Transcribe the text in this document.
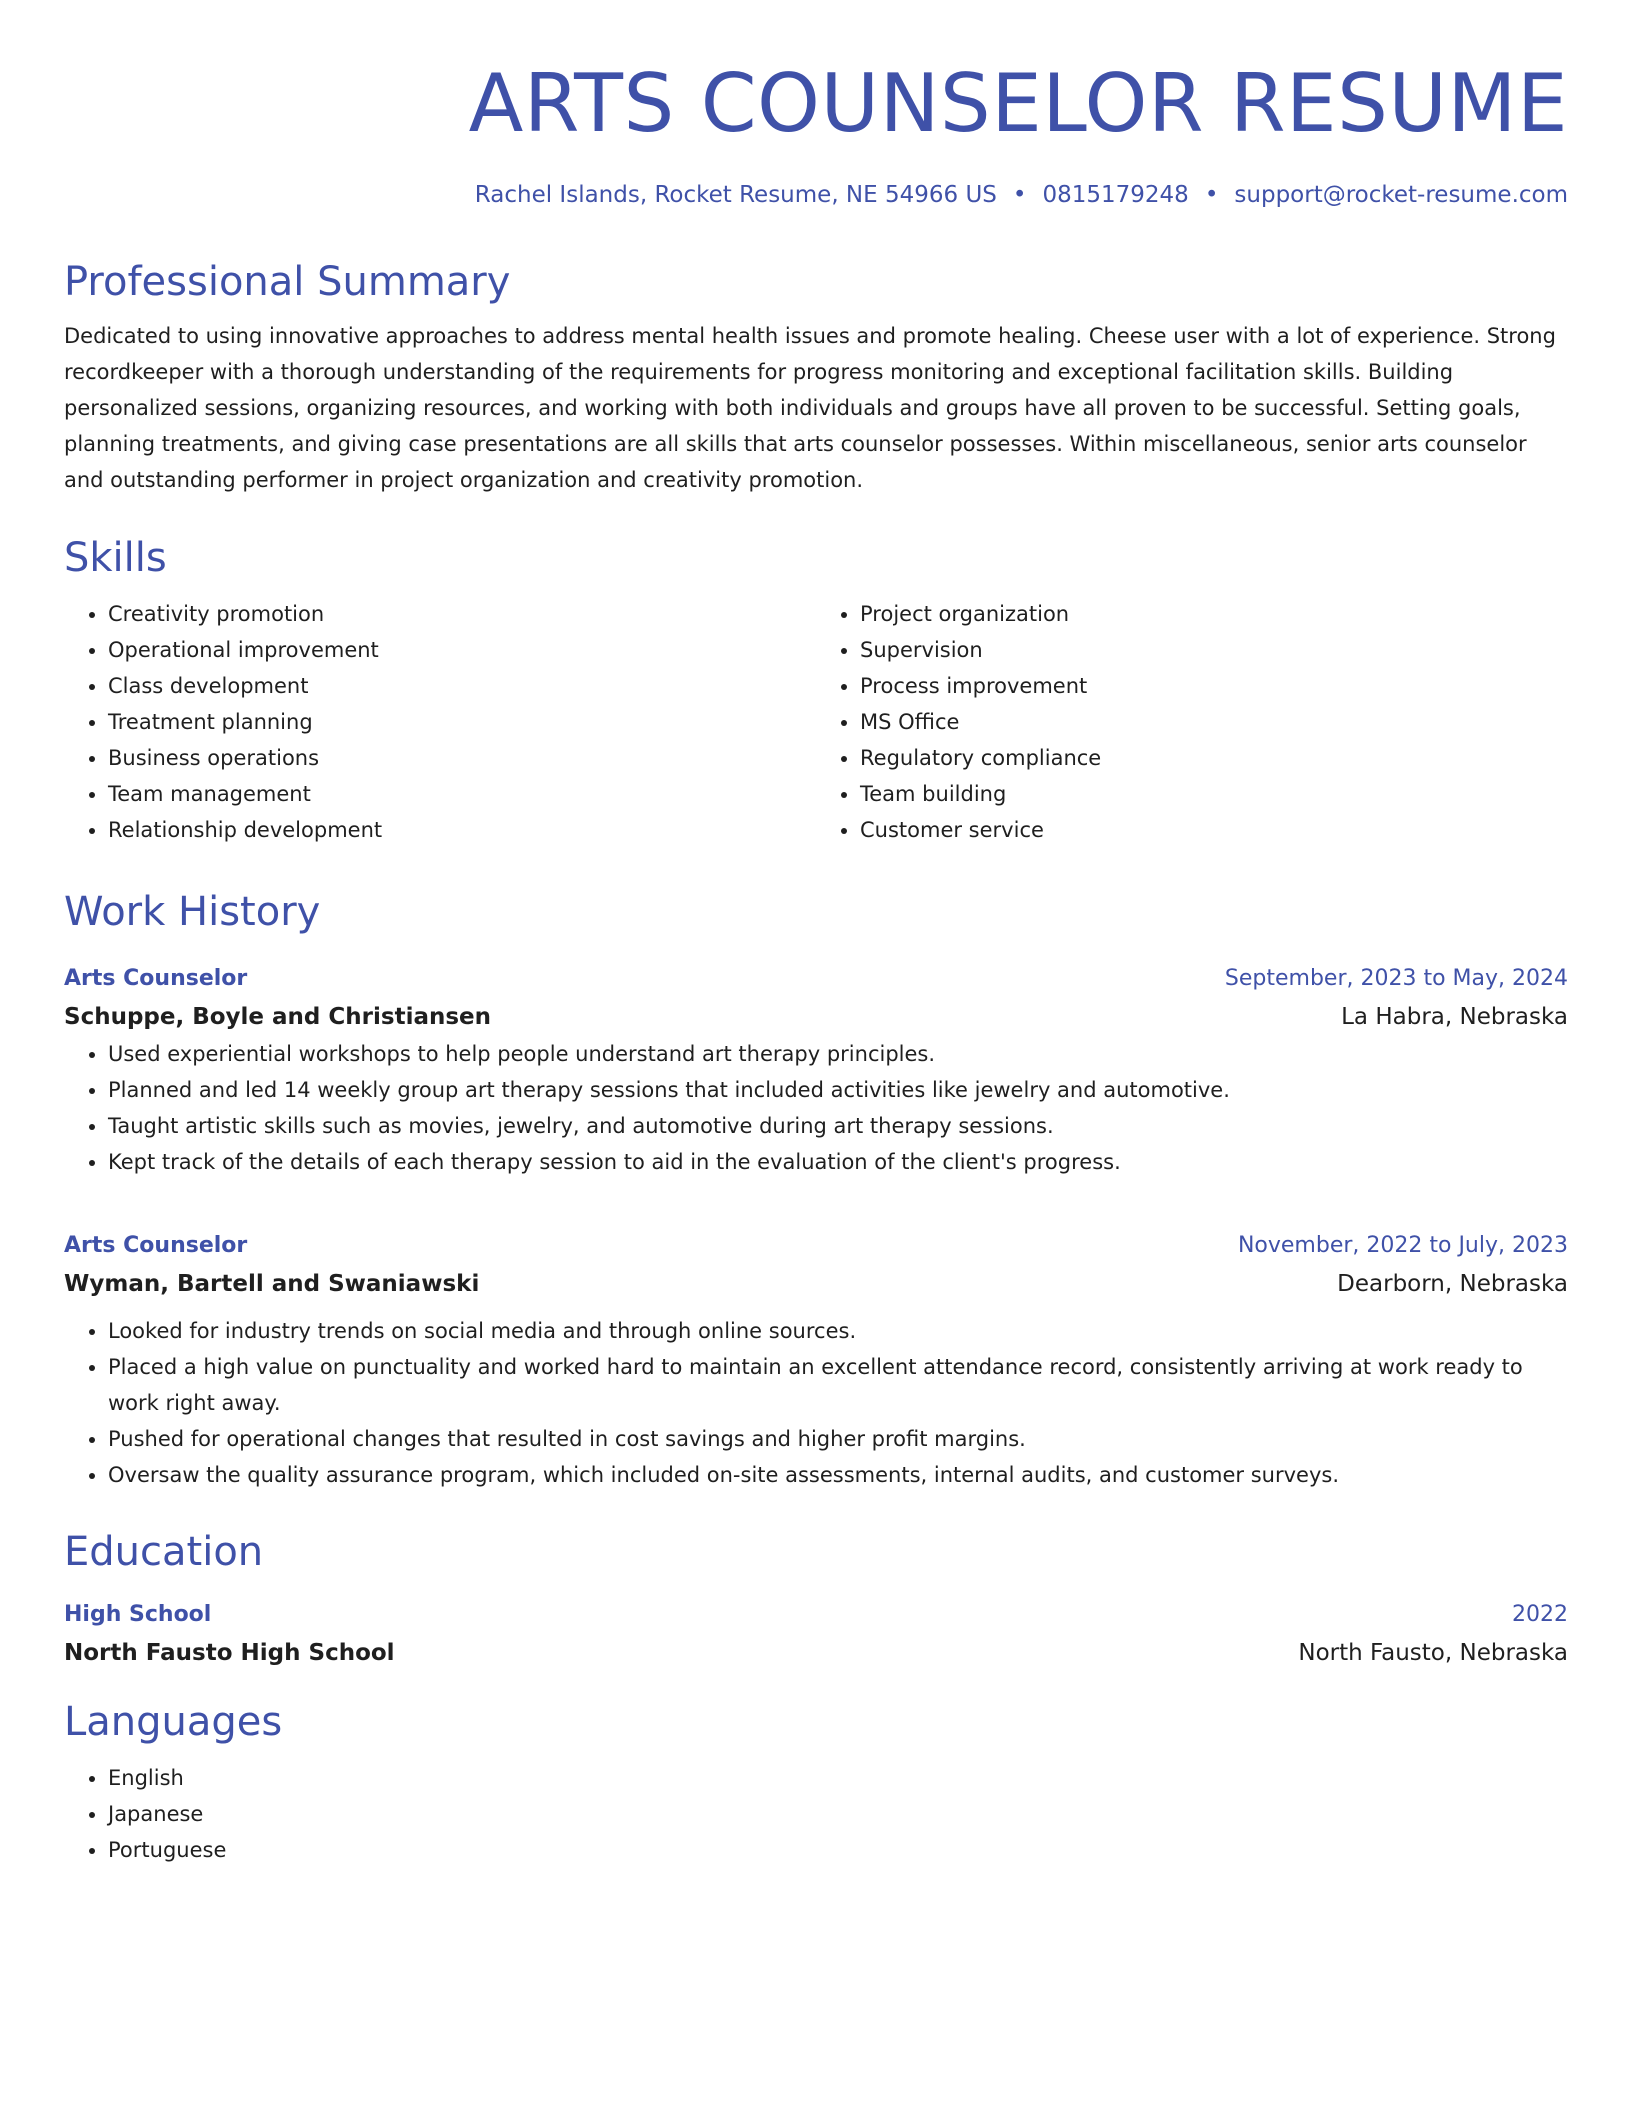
ARTS COUNSELOR RESUME
Rachel Islands, Rocket Resume, NE 54966 US • 0815179248 • support@rocket-resume.com
Professional Summary
Dedicated to using innovative approaches to address mental health issues and promote healing. Cheese user with a lot of experience. Strong recordkeeper with a thorough understanding of the requirements for progress monitoring and exceptional facilitation skills. Building personalized sessions, organizing resources, and working with both individuals and groups have all proven to be successful. Setting goals, planning treatments, and giving case presentations are all skills that arts counselor possesses. Within miscellaneous, senior arts counselor and outstanding performer in project organization and creativity promotion.
Skills
• Creativity promotion
• Operational improvement
• Class development
• Treatment planning
• Business operations
• Team management
• Relationship development
• Project organization
• Supervision
• Process improvement
• MS Office
• Regulatory compliance
• Team building
• Customer service
Work History
Arts Counselor	September, 2023 to May, 2024
Schuppe, Boyle and Christiansen	La Habra, Nebraska
• Used experiential workshops to help people understand art therapy principles.
• Planned and led 14 weekly group art therapy sessions that included activities like jewelry and automotive.
• Taught artistic skills such as movies, jewelry, and automotive during art therapy sessions.
• Kept track of the details of each therapy session to aid in the evaluation of the client's progress.
Arts Counselor	November, 2022 to July, 2023
Wyman, Bartell and Swaniawski	Dearborn, Nebraska
• Looked for industry trends on social media and through online sources.
• Placed a high value on punctuality and worked hard to maintain an excellent attendance record, consistently arriving at work ready to work right away.
• Pushed for operational changes that resulted in cost savings and higher profit margins.
• Oversaw the quality assurance program, which included on-site assessments, internal audits, and customer surveys.
Education
High School	2022
North Fausto High School	North Fausto, Nebraska
Languages
• English
• Japanese
• Portuguese
